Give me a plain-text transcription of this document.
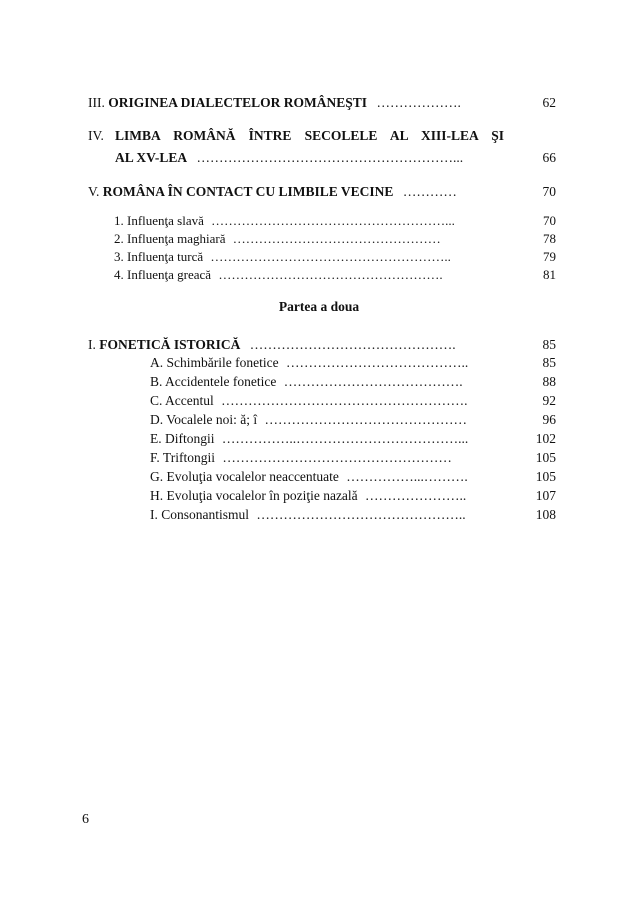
III. ORIGINEA DIALECTELOR ROMÂNEŞTI ……………….	62
IV. LIMBA ROMÂNĂ ÎNTRE SECOLELE AL XIII-LEA ŞI
AL XV-LEA …………………………………………………...	66
V. ROMÂNA ÎN CONTACT CU LIMBILE VECINE …………	70
1. Influenţa slavă ………………………………………………...	70
2. Influenţa maghiară …………………………………………	78
3. Influenţa turcă ………………………………………………..	79
4. Influenţa greacă …………………………………………….	81
Partea a doua
I. FONETICĂ ISTORICĂ ……………………………………….	85
A. Schimbările fonetice …………………………………..	85
B. Accidentele fonetice ………………………………….	88
C. Accentul ……………………………………………….	92
D. Vocalele noi: ă; î ………………………………………	96
E. Diftongii ……………..………………………………...	102
F. Triftongii ……………………………………………	105
G. Evoluţia vocalelor neaccentuate ……………...……….	105
H. Evoluţia vocalelor în poziţie nazală …………………..	107
I. Consonantismul ………………………………………..	108
6
